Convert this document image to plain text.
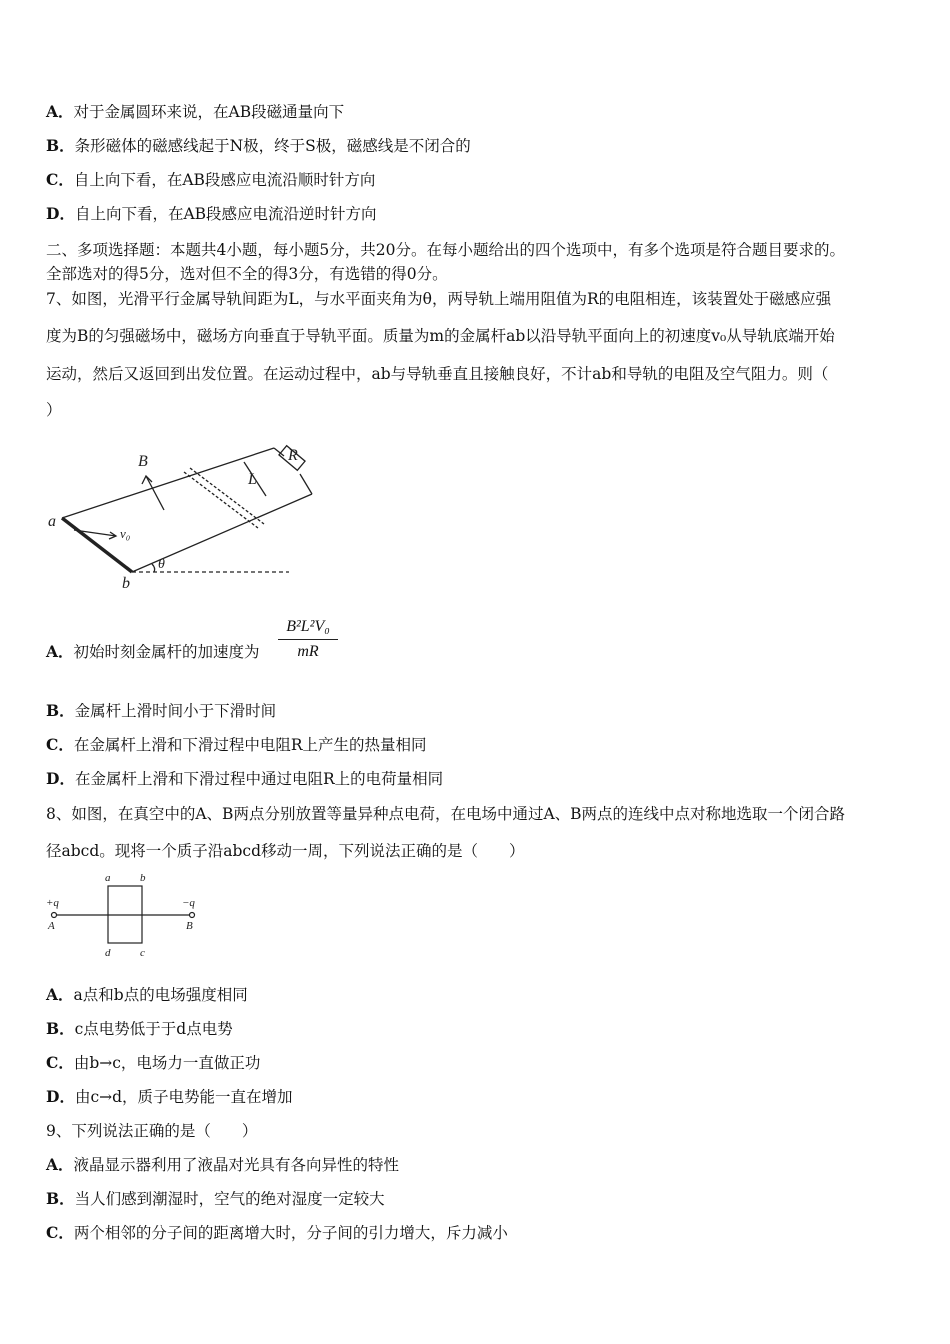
A．对于金属圆环来说，在AB段磁通量向下
B．条形磁体的磁感线起于N极，终于S极，磁感线是不闭合的
C．自上向下看，在AB段感应电流沿顺时针方向
D．自上向下看，在AB段感应电流沿逆时针方向
二、多项选择题：本题共4小题，每小题5分，共20分。在每小题给出的四个选项中，有多个选项是符合题目要求的。
全部选对的得5分，选对但不全的得3分，有选错的得0分。
7、如图，光滑平行金属导轨间距为L，与水平面夹角为θ，两导轨上端用阻值为R的电阻相连，该装置处于磁感应强
度为B的匀强磁场中，磁场方向垂直于导轨平面。质量为m的金属杆ab以沿导轨平面向上的初速度v₀从导轨底端开始
运动，然后又返回到出发位置。在运动过程中，ab与导轨垂直且接触良好，不计ab和导轨的电阻及空气阻力。则（
）
B	R
L
a
b
v₀
θ
A．初始时刻金属杆的加速度为 $\frac{\text{B²L²V₀}}{mR}$
B．金属杆上滑时间小于下滑时间
C．在金属杆上滑和下滑过程中电阻R上产生的热量相同
D．在金属杆上滑和下滑过程中通过电阻R上的电荷量相同
8、如图，在真空中的A、B两点分别放置等量异种点电荷，在电场中通过A、B两点的连线中点对称地选取一个闭合路
径abcd。现将一个质子沿abcd移动一周，下列说法正确的是（　　）
+q	−q
A	B
a	b
c
d
A．a点和b点的电场强度相同
B．c点电势低于于d点电势
C．由b→c，电场力一直做正功
D．由c→d，质子电势能一直在增加
9、下列说法正确的是（　　）
A．液晶显示器利用了液晶对光具有各向异性的特性
B．当人们感到潮湿时，空气的绝对湿度一定较大
C．两个相邻的分子间的距离增大时，分子间的引力增大，斥力减小
